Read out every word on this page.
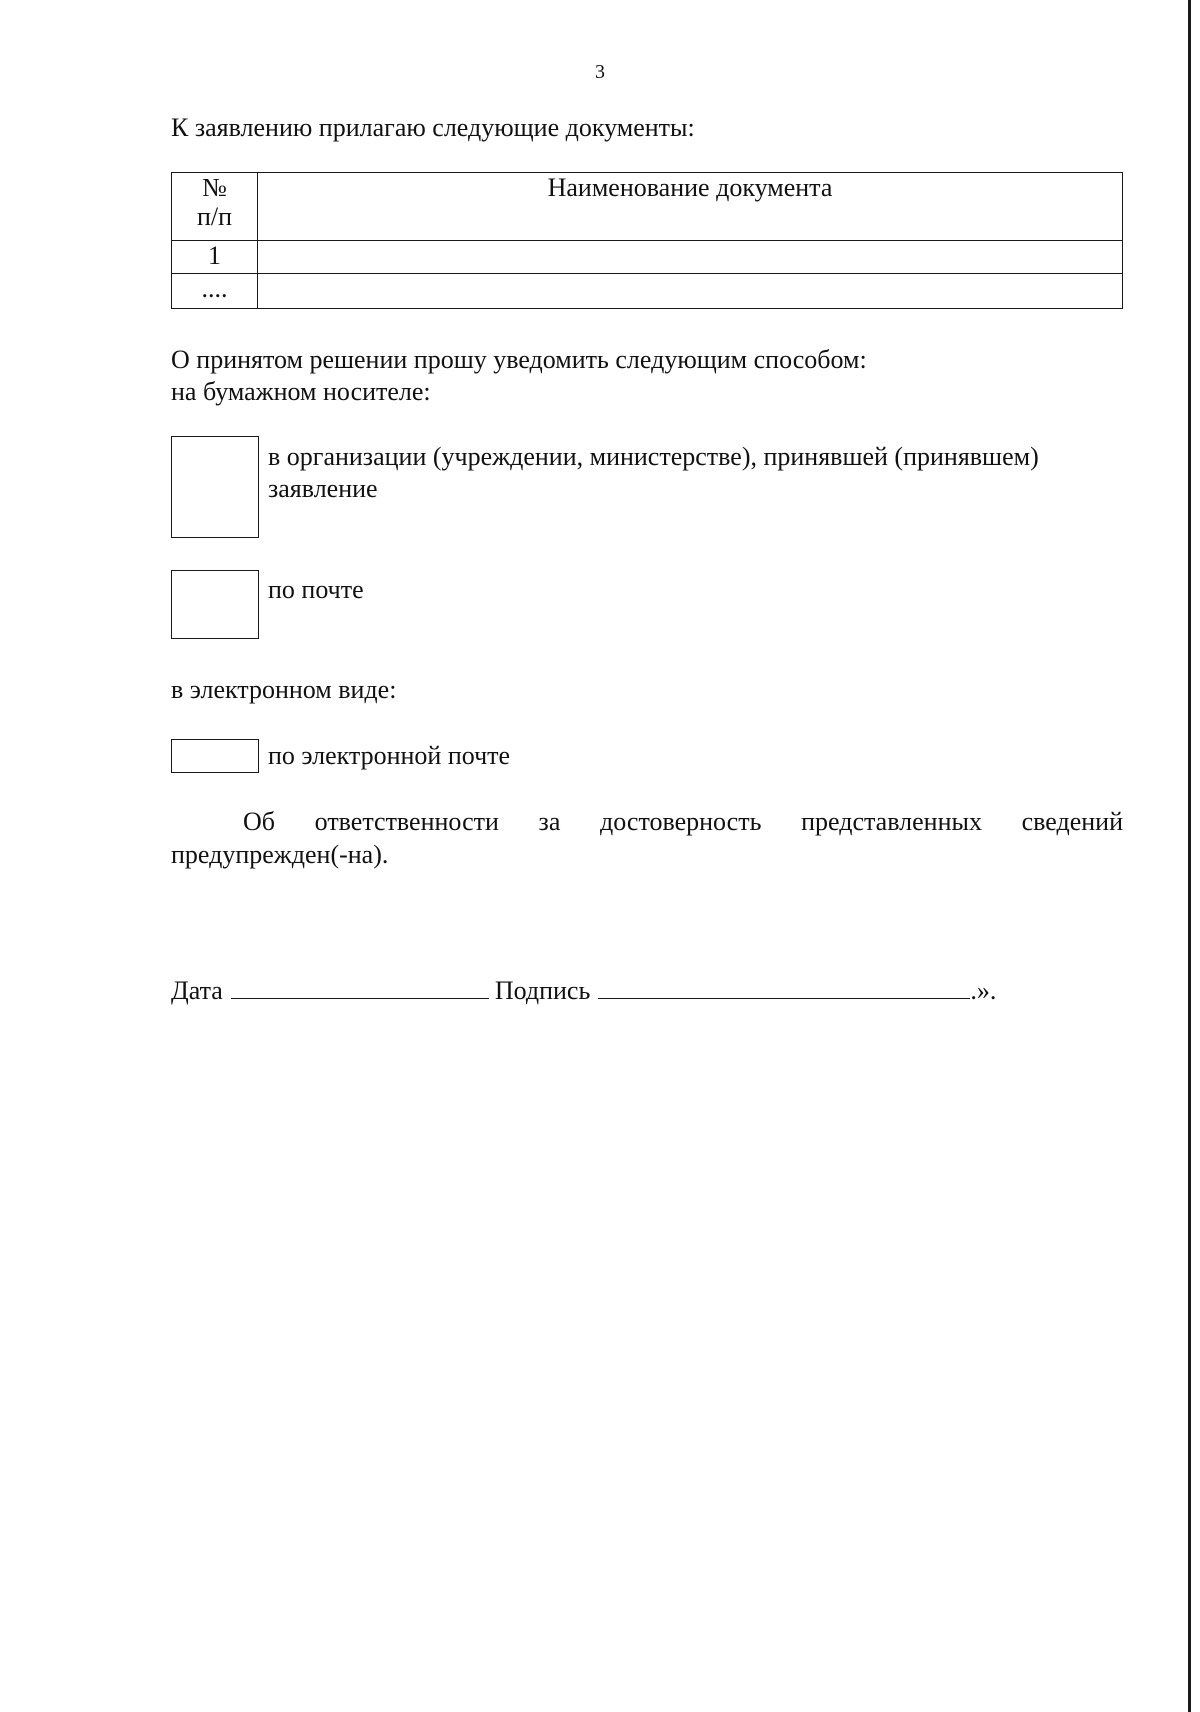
3
К заявлению прилагаю следующие документы:
№
п/п	Наименование документа
1	
....	
О принятом решении прошу уведомить следующим способом:
на бумажном носителе:
в организации (учреждении, министерстве), принявшей (принявшем) заявление
по почте
в электронном виде:
по электронной почте
Об ответственности за достоверность представленных сведений
предупрежден(-на).
Дата	Подпись	.».
